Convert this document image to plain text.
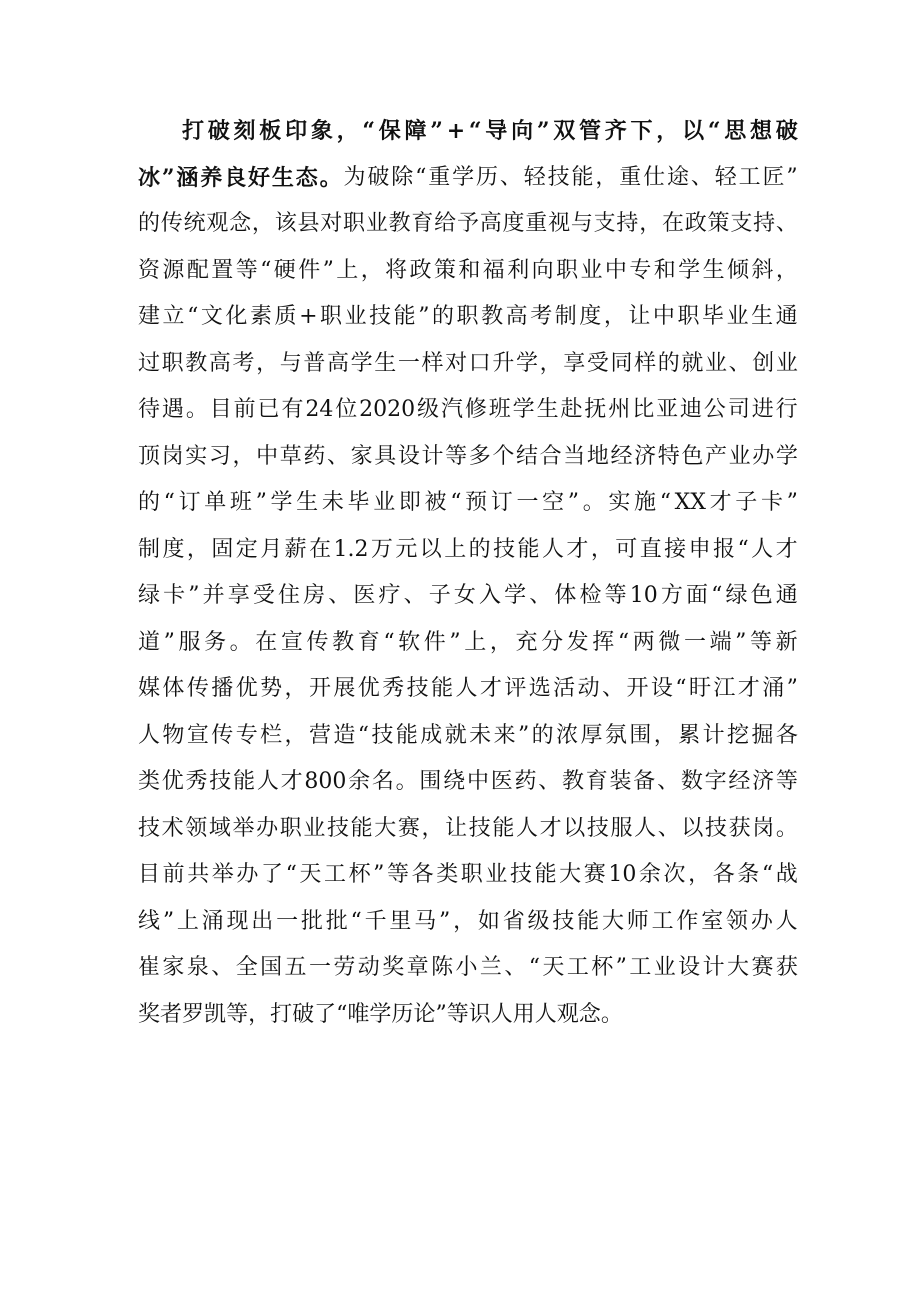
打 破 刻 板 印 象 ， “ 保 障 ” + “ 导 向 ” 双 管 齐 下 ， 以 “ 思 想 破
冰 ” 涵 养 良 好 生 态 。 为 破 除 “ 重 学 历 、 轻 技 能 ， 重 仕 途 、 轻 工 匠 ”
的 传 统 观 念 ， 该 县 对 职 业 教 育 给 予 高 度 重 视 与 支 持 ， 在 政 策 支 持 、
资 源 配 置 等 “ 硬 件 ” 上 ， 将 政 策 和 福 利 向 职 业 中 专 和 学 生 倾 斜 ，
建 立 “ 文 化 素 质 + 职 业 技 能 ” 的 职 教 高 考 制 度 ， 让 中 职 毕 业 生 通
过 职 教 高 考 ， 与 普 高 学 生 一 样 对 口 升 学 ， 享 受 同 样 的 就 业 、 创 业
待 遇 。 目 前 已 有 24 位 2020 级 汽 修 班 学 生 赴 抚 州 比 亚 迪 公 司 进 行
顶 岗 实 习 ， 中 草 药 、 家 具 设 计 等 多 个 结 合 当 地 经 济 特 色 产 业 办 学
的 “ 订 单 班 ” 学 生 未 毕 业 即 被 “ 预 订 一 空 ” 。 实 施 “ XX 才 子 卡 ”
制 度 ， 固 定 月 薪 在 1.2 万 元 以 上 的 技 能 人 才 ， 可 直 接 申 报 “ 人 才
绿 卡 ” 并 享 受 住 房 、 医 疗 、 子 女 入 学 、 体 检 等 10 方 面 “ 绿 色 通
道 ” 服 务 。 在 宣 传 教 育 “ 软 件 ” 上 ， 充 分 发 挥 “ 两 微 一 端 ” 等 新
媒 体 传 播 优 势 ， 开 展 优 秀 技 能 人 才 评 选 活 动 、 开 设 “ 盱 江 才 涌 ”
人 物 宣 传 专 栏 ， 营 造 “ 技 能 成 就 未 来 ” 的 浓 厚 氛 围 ， 累 计 挖 掘 各
类 优 秀 技 能 人 才 800 余 名 。 围 绕 中 医 药 、 教 育 装 备 、 数 字 经 济 等
技 术 领 域 举 办 职 业 技 能 大 赛 ， 让 技 能 人 才 以 技 服 人 、 以 技 获 岗 。
目 前 共 举 办 了 “ 天 工 杯 ” 等 各 类 职 业 技 能 大 赛 10 余 次 ， 各 条 “ 战
线 ” 上 涌 现 出 一 批 批 “ 千 里 马 ” ， 如 省 级 技 能 大 师 工 作 室 领 办 人
崔 家 泉 、 全 国 五 一 劳 动 奖 章 陈 小 兰 、 “ 天 工 杯 ” 工 业 设 计 大 赛 获
奖 者 罗 凯 等 ， 打 破 了 “ 唯 学 历 论 ” 等 识 人 用 人 观 念 。
